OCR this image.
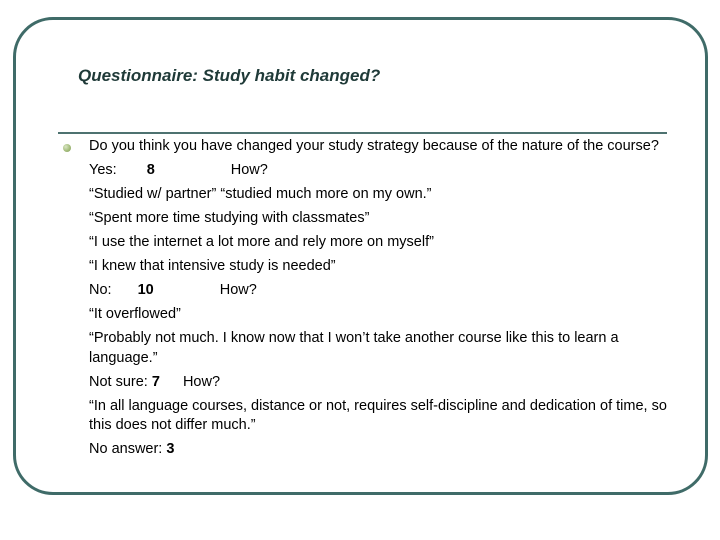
Questionnaire: Study habit changed?
Do you think you have changed your study strategy because of the nature of the course?
Yes: 8	How?
“Studied w/ partner” “studied much more on my own.”
“Spent more time studying with classmates”
“I use the internet a lot more and rely more on myself”
“I knew that intensive study is needed”
No: 10	How?
“It overflowed”
“Probably not much. I know now that I won’t take another course like this to learn a language.”
Not sure: 7 How?
“In all language courses, distance or not, requires self-discipline and dedication of time, so this does not differ much.”
No answer: 3
